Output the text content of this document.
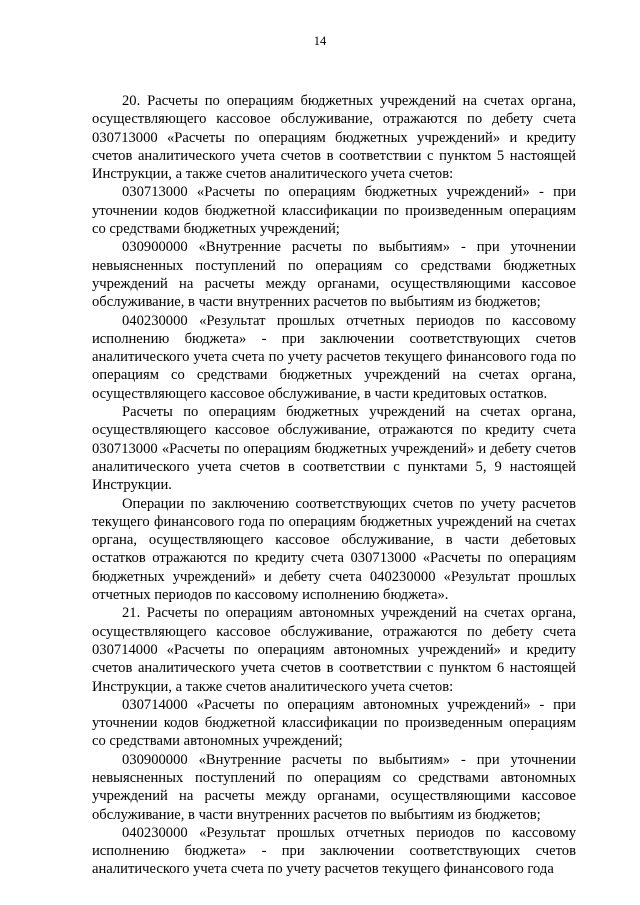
14

20. Расчеты по операциям бюджетных учреждений на счетах органа, осуществляющего кассовое обслуживание, отражаются по дебету счета 030713000 «Расчеты по операциям бюджетных учреждений» и кредиту счетов аналитического учета счетов в соответствии с пунктом 5 настоящей Инструкции, а также счетов аналитического учета счетов:

030713000 «Расчеты по операциям бюджетных учреждений» - при уточнении кодов бюджетной классификации по произведенным операциям со средствами бюджетных учреждений;

030900000 «Внутренние расчеты по выбытиям» - при уточнении невыясненных поступлений по операциям со средствами бюджетных учреждений на расчеты между органами, осуществляющими кассовое обслуживание, в части внутренних расчетов по выбытиям из бюджетов;

040230000 «Результат прошлых отчетных периодов по кассовому исполнению бюджета» - при заключении соответствующих счетов аналитического учета счета по учету расчетов текущего финансового года по операциям со средствами бюджетных учреждений на счетах органа, осуществляющего кассовое обслуживание, в части кредитовых остатков.

Расчеты по операциям бюджетных учреждений на счетах органа, осуществляющего кассовое обслуживание, отражаются по кредиту счета 030713000 «Расчеты по операциям бюджетных учреждений» и дебету счетов аналитического учета счетов в соответствии с пунктами 5, 9 настоящей Инструкции.

Операции по заключению соответствующих счетов по учету расчетов текущего финансового года по операциям бюджетных учреждений на счетах органа, осуществляющего кассовое обслуживание, в части дебетовых остатков отражаются по кредиту счета 030713000 «Расчеты по операциям бюджетных учреждений» и дебету счета 040230000 «Результат прошлых отчетных периодов по кассовому исполнению бюджета».

21. Расчеты по операциям автономных учреждений на счетах органа, осуществляющего кассовое обслуживание, отражаются по дебету счета 030714000 «Расчеты по операциям автономных учреждений» и кредиту счетов аналитического учета счетов в соответствии с пунктом 6 настоящей Инструкции, а также счетов аналитического учета счетов:

030714000 «Расчеты по операциям автономных учреждений» - при уточнении кодов бюджетной классификации по произведенным операциям со средствами автономных учреждений;

030900000 «Внутренние расчеты по выбытиям» - при уточнении невыясненных поступлений по операциям со средствами автономных учреждений на расчеты между органами, осуществляющими кассовое обслуживание, в части внутренних расчетов по выбытиям из бюджетов;

040230000 «Результат прошлых отчетных периодов по кассовому исполнению бюджета» - при заключении соответствующих счетов аналитического учета счета по учету расчетов текущего финансового года
